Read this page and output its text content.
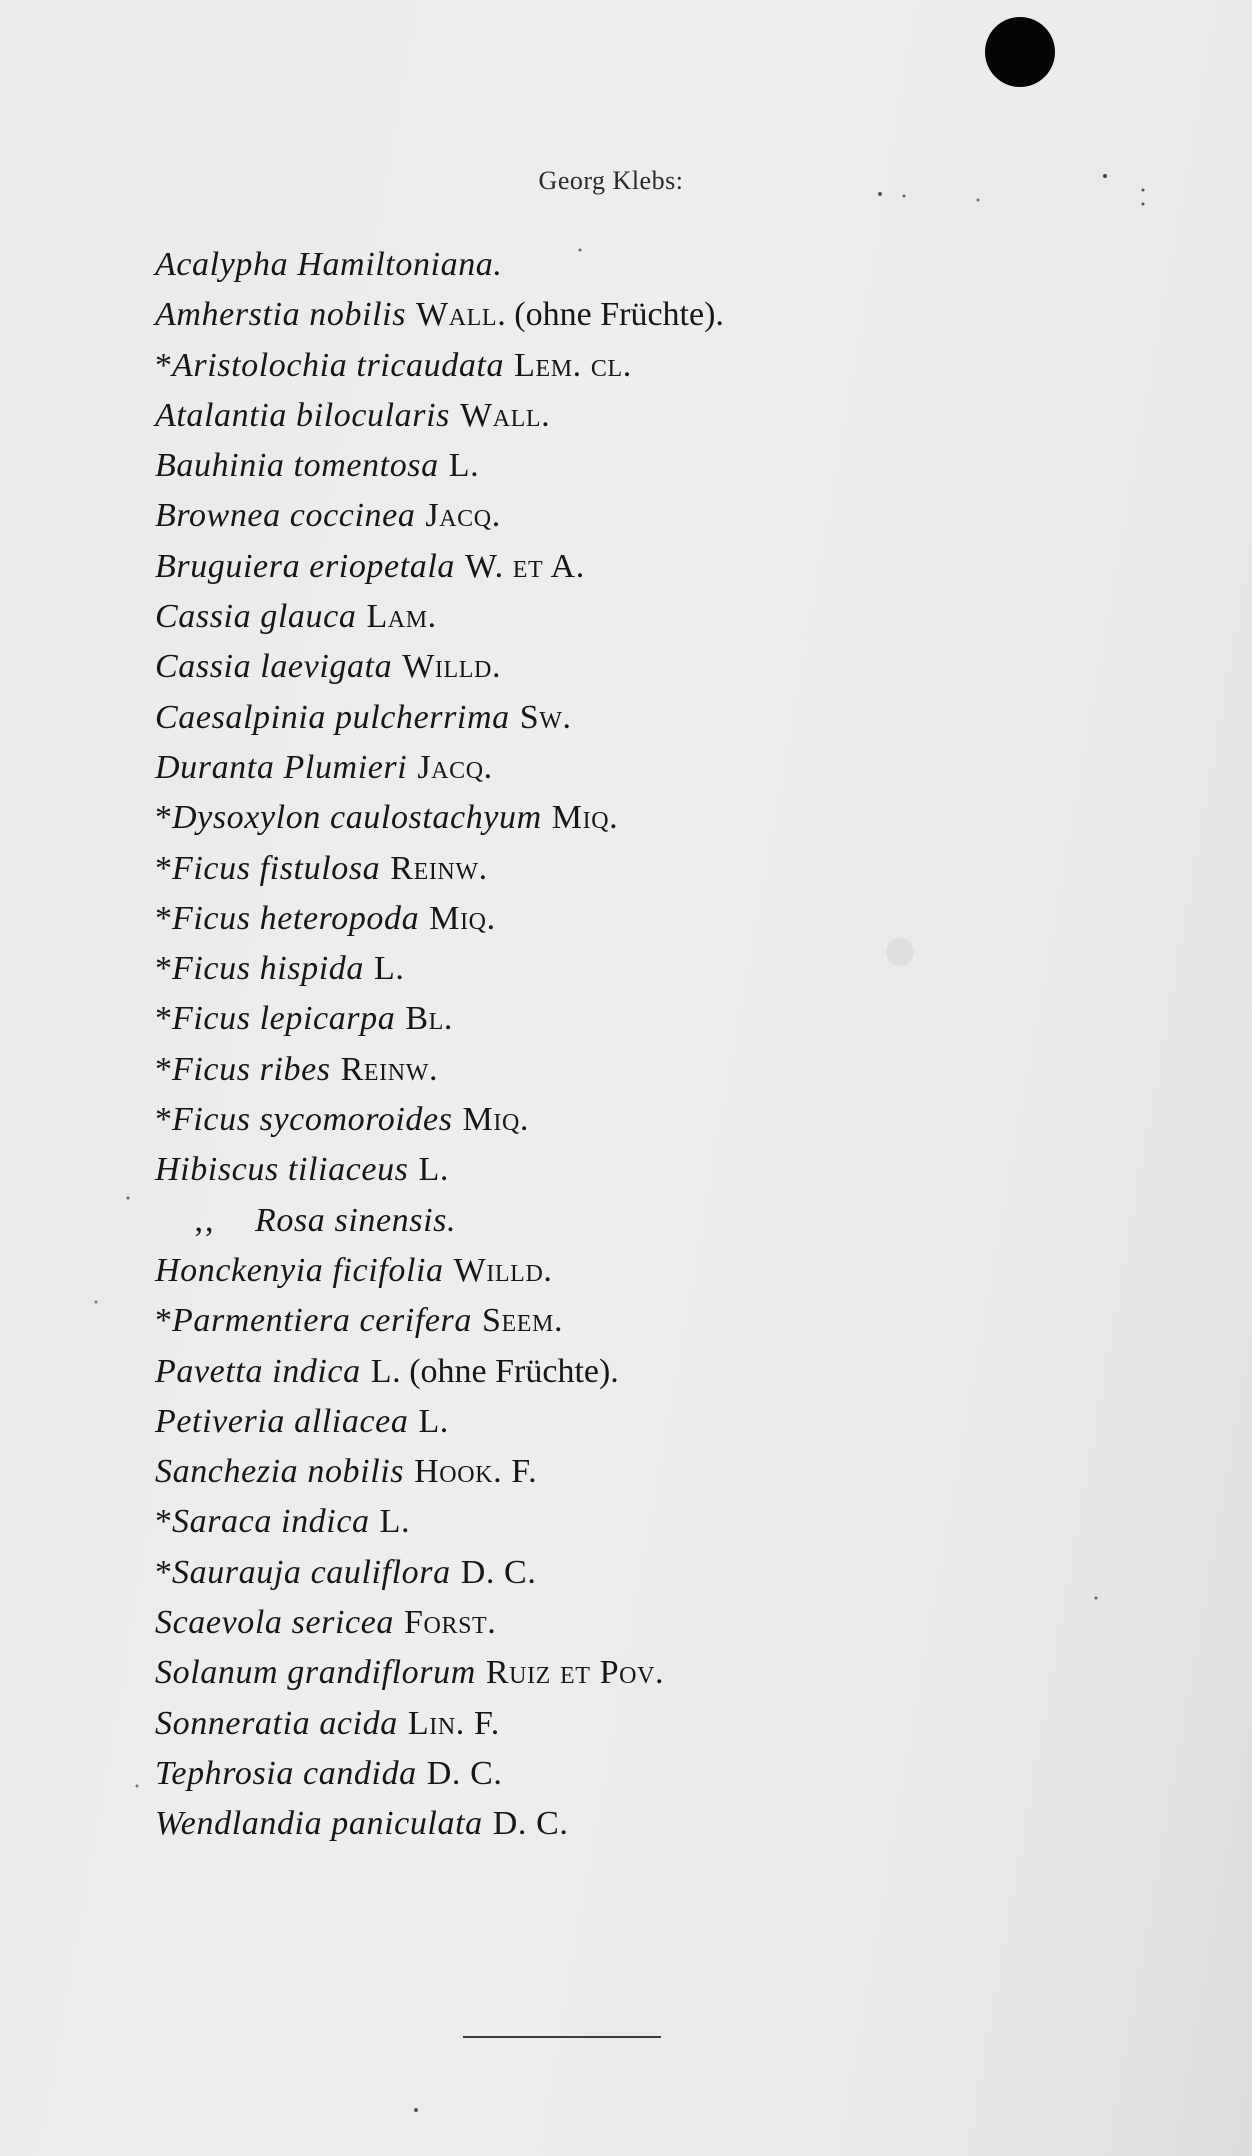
Georg Klebs:
Acalypha Hamiltoniana.
Amherstia nobilis Wall. (ohne Früchte).
*Aristolochia tricaudata Lem. cl.
Atalantia bilocularis Wall.
Bauhinia tomentosa L.
Brownea coccinea Jacq.
Bruguiera eriopetala W. et A.
Cassia glauca Lam.
Cassia laevigata Willd.
Caesalpinia pulcherrima Sw.
Duranta Plumieri Jacq.
*Dysoxylon caulostachyum Miq.
*Ficus fistulosa Reinw.
*Ficus heteropoda Miq.
*Ficus hispida L.
*Ficus lepicarpa Bl.
*Ficus ribes Reinw.
*Ficus sycomoroides Miq.
Hibiscus tiliaceus L.
,, Rosa sinensis.
Honckenyia ficifolia Willd.
*Parmentiera cerifera Seem.
Pavetta indica L. (ohne Früchte).
Petiveria alliacea L.
Sanchezia nobilis Hook. F.
*Saraca indica L.
*Saurauja cauliflora D. C.
Scaevola sericea Forst.
Solanum grandiflorum Ruiz et Pov.
Sonneratia acida Lin. F.
Tephrosia candida D. C.
Wendlandia paniculata D. C.
